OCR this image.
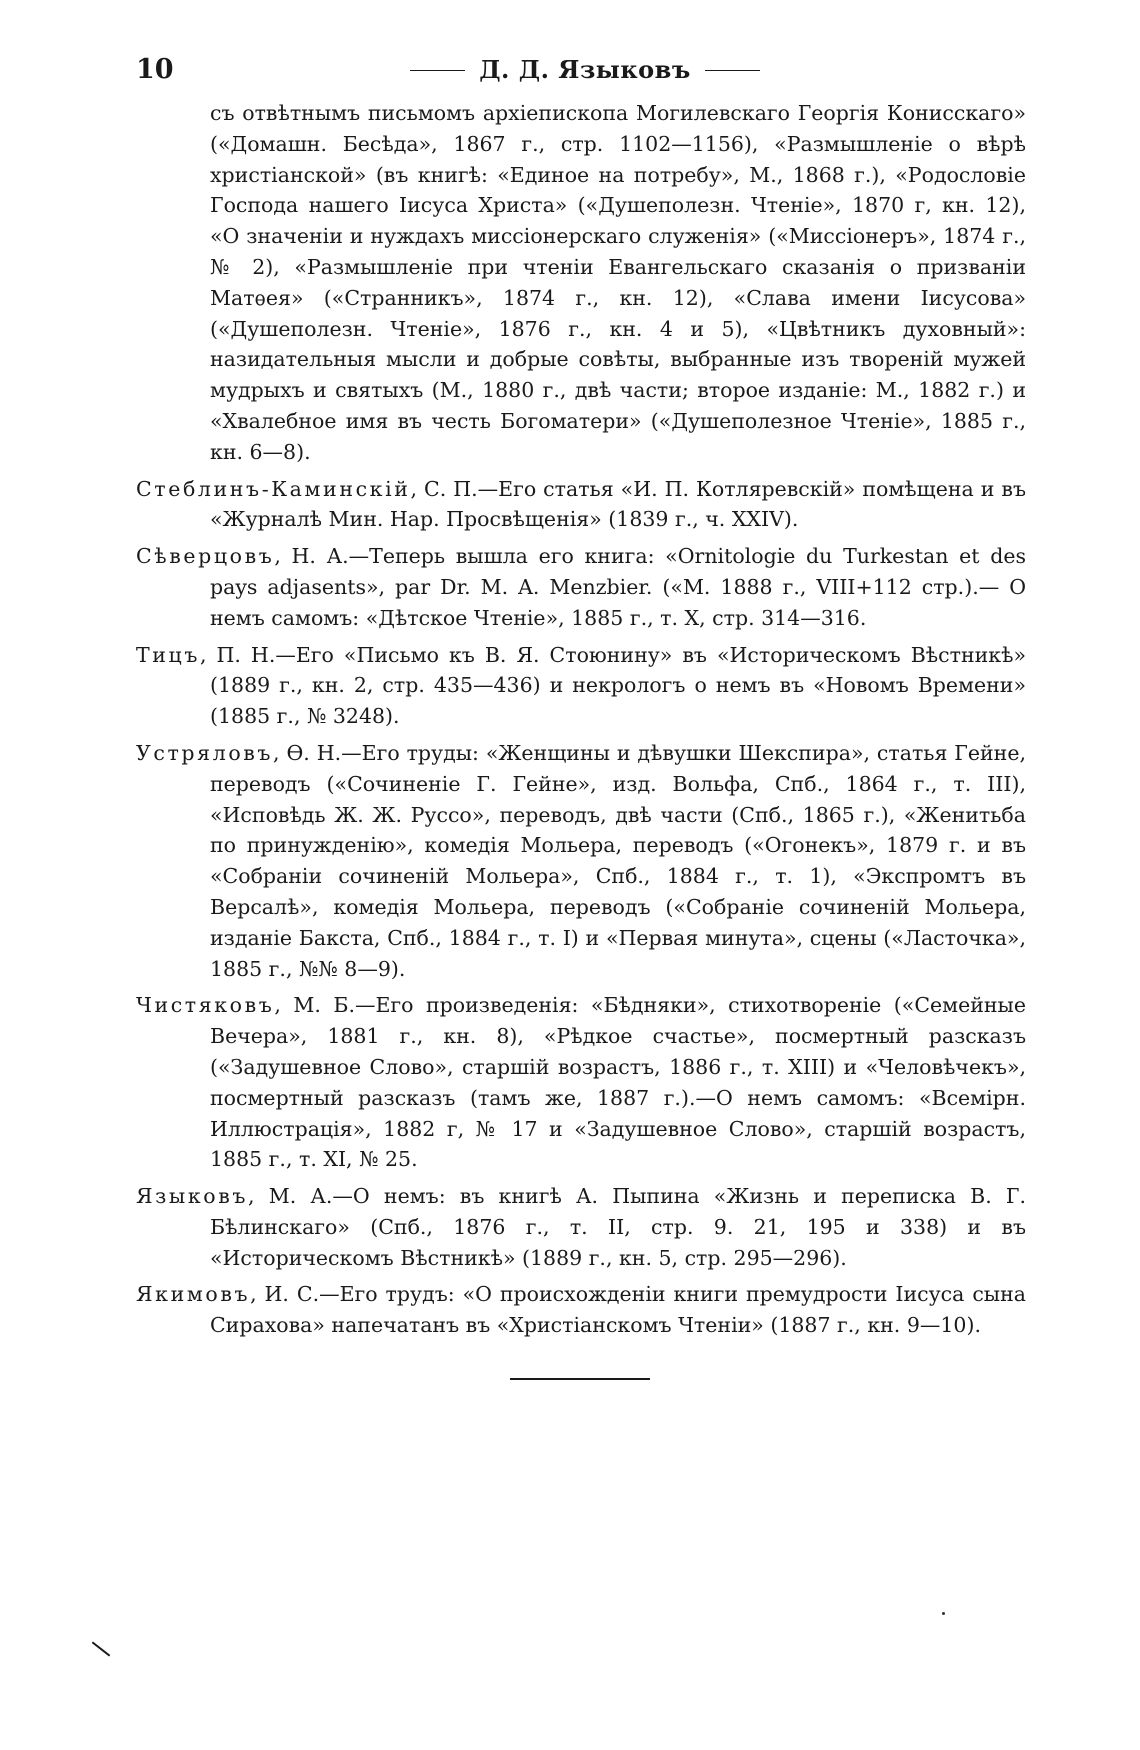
10	Д. Д. Языковъ

съ отвѣтнымъ письмомъ архіепископа Могилевскаго Георгія Конисскаго» («Домашн. Бесѣда», 1867 г., стр. 1102—1156), «Размышленіе о вѣрѣ христіанской» (въ книгѣ: «Единое на потребу», М., 1868 г.), «Родословіе Господа нашего Іисуса Христа» («Душеполезн. Чтеніе», 1870 г, кн. 12), «О значеніи и нуждахъ миссіонерскаго служенія» («Миссіонеръ», 1874 г., № 2), «Размышленіе при чтеніи Евангельскаго сказанія о призваніи Матѳея» («Странникъ», 1874 г., кн. 12), «Слава имени Іисусова» («Душеполезн. Чтеніе», 1876 г., кн. 4 и 5), «Цвѣтникъ духовный»: назидательныя мысли и добрые совѣты, выбранные изъ твореній мужей мудрыхъ и святыхъ (М., 1880 г., двѣ части; второе изданіе: М., 1882 г.) и «Хвалебное имя въ честь Богоматери» («Душеполезное Чтеніе», 1885 г., кн. 6—8).

Стеблинъ-Каминскій, С. П.—Его статья «И. П. Котляревскій» помѣщена и въ «Журналѣ Мин. Нар. Просвѣщенія» (1839 г., ч. XXIV).

Сѣверцовъ, Н. А.—Теперь вышла его книга: «Ornitologie du Turkestan et des pays adjasents», par Dr. M. A. Menzbier. («М. 1888 г., VIII+112 стр.).— О немъ самомъ: «Дѣтское Чтеніе», 1885 г., т. X, стр. 314—316.

Тицъ, П. Н.—Его «Письмо къ В. Я. Стоюнину» въ «Историческомъ Вѣстникѣ» (1889 г., кн. 2, стр. 435—436) и некрологъ о немъ въ «Новомъ Времени» (1885 г., № 3248).

Устряловъ, Ѳ. Н.—Его труды: «Женщины и дѣвушки Шекспира», статья Гейне, переводъ («Сочиненіе Г. Гейне», изд. Вольфа, Спб., 1864 г., т. III), «Исповѣдь Ж. Ж. Руссо», переводъ, двѣ части (Спб., 1865 г.), «Женитьба по принужденію», комедія Мольера, переводъ («Огонекъ», 1879 г. и въ «Собраніи сочиненій Мольера», Спб., 1884 г., т. 1), «Экспромтъ въ Версалѣ», комедія Мольера, переводъ («Собраніе сочиненій Мольера, изданіе Бакста, Спб., 1884 г., т. I) и «Первая минута», сцены («Ласточка», 1885 г., №№ 8—9).

Чистяковъ, М. Б.—Его произведенія: «Бѣдняки», стихотвореніе («Семейные Вечера», 1881 г., кн. 8), «Рѣдкое счастье», посмертный разсказъ («Задушевное Слово», старшій возрастъ, 1886 г., т. XIII) и «Человѣчекъ», посмертный разсказъ (тамъ же, 1887 г.).—О немъ самомъ: «Всемірн. Иллюстрація», 1882 г, № 17 и «Задушевное Слово», старшій возрастъ, 1885 г., т. XI, № 25.

Языковъ, М. А.—О немъ: въ книгѣ А. Пыпина «Жизнь и переписка В. Г. Бѣлинскаго» (Спб., 1876 г., т. II, стр. 9. 21, 195 и 338) и въ «Историческомъ Вѣстникѣ» (1889 г., кн. 5, стр. 295—296).

Якимовъ, И. С.—Его трудъ: «О происхожденіи книги премудрости Іисуса сына Сирахова» напечатанъ въ «Христіанскомъ Чтеніи» (1887 г., кн. 9—10).
